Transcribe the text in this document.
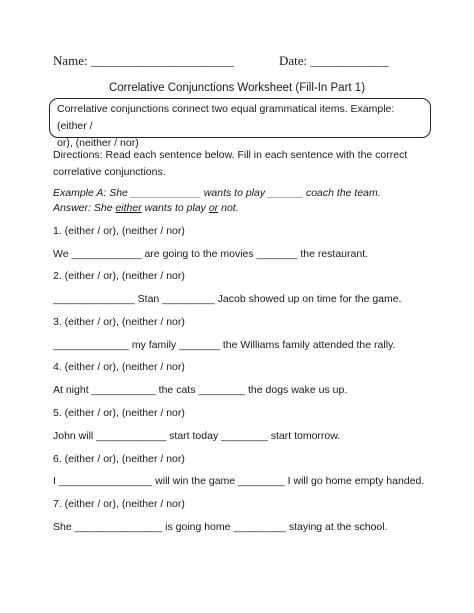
Name: ______________________	Date: ____________
Correlative Conjunctions Worksheet (Fill-In Part 1)
Correlative conjunctions connect two equal grammatical items. Example: (either /
or), (neither / nor)
Directions: Read each sentence below. Fill in each sentence with the correct
correlative conjunctions.
Example A: She ____________ wants to play ______ coach the team.
Answer: She either wants to play or not.
1. (either / or), (neither / nor)
We ____________ are going to the movies _______ the restaurant.
2. (either / or), (neither / nor)
______________ Stan _________ Jacob showed up on time for the game.
3. (either / or), (neither / nor)
_____________ my family _______ the Williams family attended the rally.
4. (either / or), (neither / nor)
At night ___________ the cats ________ the dogs wake us up.
5. (either / or), (neither / nor)
John will ____________ start today ________ start tomorrow.
6. (either / or), (neither / nor)
I ________________ will win the game ________ I will go home empty handed.
7. (either / or), (neither / nor)
She _______________ is going home _________ staying at the school.
